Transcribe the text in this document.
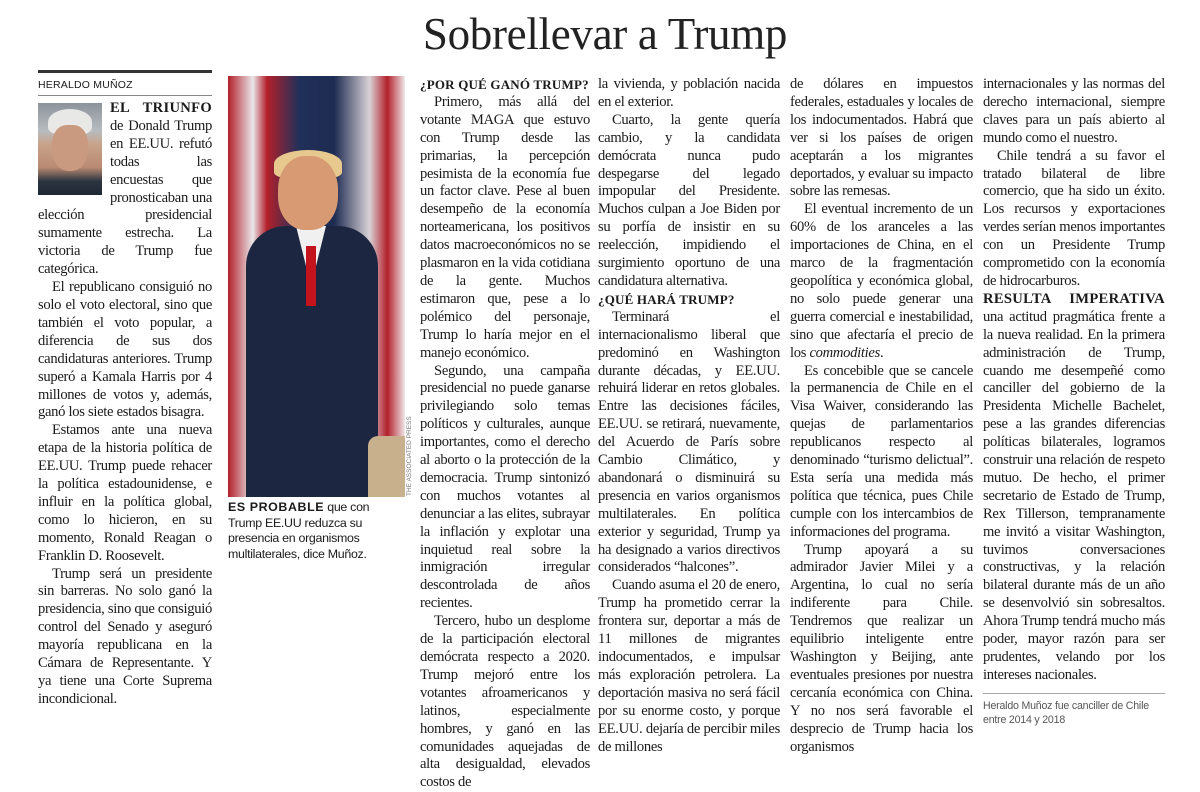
Sobrellevar a Trump
HERALDO MUÑOZ

EL TRIUNFO de Donald Trump en EE.UU. refutó todas las encuestas que pronosticaban una elección presidencial sumamente estrecha. La victoria de Trump fue categórica.

El republicano consiguió no solo el voto electoral, sino que también el voto popular, a diferencia de sus dos candidaturas anteriores. Trump superó a Kamala Harris por 4 millones de votos y, además, ganó los siete estados bisagra.

Estamos ante una nueva etapa de la historia política de EE.UU. Trump puede rehacer la política estadounidense, e influir en la política global, como lo hicieron, en su momento, Ronald Reagan o Franklin D. Roosevelt.

Trump será un presidente sin barreras. No solo ganó la presidencia, sino que consiguió control del Senado y aseguró mayoría republicana en la Cámara de Representante. Y ya tiene una Corte Suprema incondicional.

THE ASSOCIATED PRESS
ES PROBABLE que con Trump EE.UU reduzca su presencia en organismos multilaterales, dice Muñoz.

¿POR QUÉ GANÓ TRUMP?

Primero, más allá del votante MAGA que estuvo con Trump desde las primarias, la percepción pesimista de la economía fue un factor clave. Pese al buen desempeño de la economía norteamericana, los positivos datos macroeconómicos no se plasmaron en la vida cotidiana de la gente. Muchos estimaron que, pese a lo polémico del personaje, Trump lo haría mejor en el manejo económico.

Segundo, una campaña presidencial no puede ganarse privilegiando solo temas políticos y culturales, aunque importantes, como el derecho al aborto o la protección de la democracia. Trump sintonizó con muchos votantes al denunciar a las elites, subrayar la inflación y explotar una inquietud real sobre la inmigración irregular descontrolada de años recientes.

Tercero, hubo un desplome de la participación electoral demócrata respecto a 2020. Trump mejoró entre los votantes afroamericanos y latinos, especialmente hombres, y ganó en las comunidades aquejadas de alta desigualdad, elevados costos de

la vivienda, y población nacida en el exterior.

Cuarto, la gente quería cambio, y la candidata demócrata nunca pudo despegarse del legado impopular del Presidente. Muchos culpan a Joe Biden por su porfía de insistir en su reelección, impidiendo el surgimiento oportuno de una candidatura alternativa.

¿QUÉ HARÁ TRUMP?

Terminará el internacionalismo liberal que predominó en Washington durante décadas, y EE.UU. rehuirá liderar en retos globales. Entre las decisiones fáciles, EE.UU. se retirará, nuevamente, del Acuerdo de París sobre Cambio Climático, y abandonará o disminuirá su presencia en varios organismos multilaterales. En política exterior y seguridad, Trump ya ha designado a varios directivos considerados “halcones”.

Cuando asuma el 20 de enero, Trump ha prometido cerrar la frontera sur, deportar a más de 11 millones de migrantes indocumentados, e impulsar más exploración petrolera. La deportación masiva no será fácil por su enorme costo, y porque EE.UU. dejaría de percibir miles de millones

de dólares en impuestos federales, estaduales y locales de los indocumentados. Habrá que ver si los países de origen aceptarán a los migrantes deportados, y evaluar su impacto sobre las remesas.

El eventual incremento de un 60% de los aranceles a las importaciones de China, en el marco de la fragmentación geopolítica y económica global, no solo puede generar una guerra comercial e inestabilidad, sino que afectaría el precio de los commodities.

Es concebible que se cancele la permanencia de Chile en el Visa Waiver, considerando las quejas de parlamentarios republicanos respecto al denominado “turismo delictual”. Esta sería una medida más política que técnica, pues Chile cumple con los intercambios de informaciones del programa.

Trump apoyará a su admirador Javier Milei y a Argentina, lo cual no sería indiferente para Chile. Tendremos que realizar un equilibrio inteligente entre Washington y Beijing, ante eventuales presiones por nuestra cercanía económica con China. Y no nos será favorable el desprecio de Trump hacia los organismos

internacionales y las normas del derecho internacional, siempre claves para un país abierto al mundo como el nuestro.

Chile tendrá a su favor el tratado bilateral de libre comercio, que ha sido un éxito. Los recursos y exportaciones verdes serían menos importantes con un Presidente Trump comprometido con la economía de hidrocarburos.

RESULTA IMPERATIVA una actitud pragmática frente a la nueva realidad. En la primera administración de Trump, cuando me desempeñé como canciller del gobierno de la Presidenta Michelle Bachelet, pese a las grandes diferencias políticas bilaterales, logramos construir una relación de respeto mutuo. De hecho, el primer secretario de Estado de Trump, Rex Tillerson, tempranamente me invitó a visitar Washington, tuvimos conversaciones constructivas, y la relación bilateral durante más de un año se desenvolvió sin sobresaltos. Ahora Trump tendrá mucho más poder, mayor razón para ser prudentes, velando por los intereses nacionales.

Heraldo Muñoz fue canciller de Chile entre 2014 y 2018
